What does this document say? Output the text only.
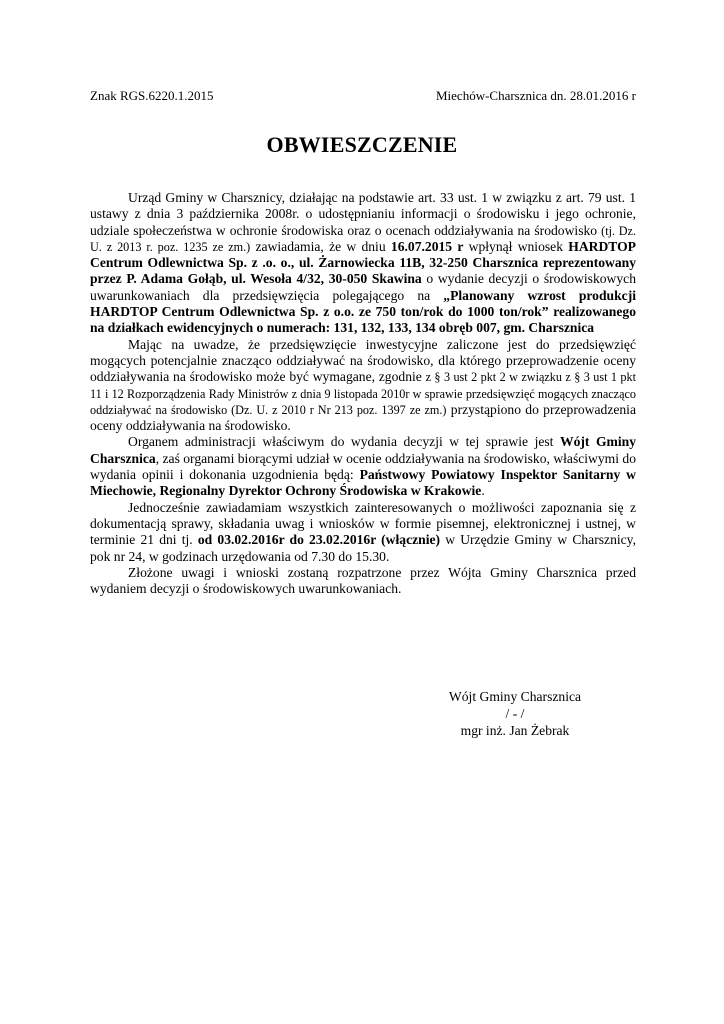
Znak RGS.6220.1.2015	Miechów-Charsznica dn. 28.01.2016 r
OBWIESZCZENIE

Urząd Gminy w Charsznicy, działając na podstawie art. 33 ust. 1 w związku z art. 79 ust. 1 ustawy z dnia 3 października 2008r. o udostępnianiu informacji o środowisku i jego ochronie, udziale społeczeństwa w ochronie środowiska oraz o ocenach oddziaływania na środowisko (tj. Dz. U. z 2013 r. poz. 1235 ze zm.) zawiadamia, że w dniu 16.07.2015 r wpłynął wniosek HARDTOP Centrum Odlewnictwa Sp. z .o. o., ul. Żarnowiecka 11B, 32-250 Charsznica reprezentowany przez P. Adama Gołąb, ul. Wesoła 4/32, 30-050 Skawina o wydanie decyzji o środowiskowych uwarunkowaniach dla przedsięwzięcia polegającego na „Planowany wzrost produkcji HARDTOP Centrum Odlewnictwa Sp. z o.o. ze 750 ton/rok do 1000 ton/rok” realizowanego na działkach ewidencyjnych o numerach: 131, 132, 133, 134 obręb 007, gm. Charsznica

Mając na uwadze, że przedsięwzięcie inwestycyjne zaliczone jest do przedsięwzięć mogących potencjalnie znacząco oddziaływać na środowisko, dla którego przeprowadzenie oceny oddziaływania na środowisko może być wymagane, zgodnie z § 3 ust 2 pkt 2 w związku z § 3 ust 1 pkt 11 i 12 Rozporządzenia Rady Ministrów z dnia 9 listopada 2010r w sprawie przedsięwzięć mogących znacząco oddziaływać na środowisko (Dz. U. z 2010 r Nr 213 poz. 1397 ze zm.) przystąpiono do przeprowadzenia oceny oddziaływania na środowisko.

Organem administracji właściwym do wydania decyzji w tej sprawie jest Wójt Gminy Charsznica, zaś organami biorącymi udział w ocenie oddziaływania na środowisko, właściwymi do wydania opinii i dokonania uzgodnienia będą: Państwowy Powiatowy Inspektor Sanitarny w Miechowie, Regionalny Dyrektor Ochrony Środowiska w Krakowie.

Jednocześnie zawiadamiam wszystkich zainteresowanych o możliwości zapoznania się z dokumentacją sprawy, składania uwag i wniosków w formie pisemnej, elektronicznej i ustnej, w terminie 21 dni tj. od 03.02.2016r do 23.02.2016r (włącznie) w Urzędzie Gminy w Charsznicy, pok nr 24, w godzinach urzędowania od 7.30 do 15.30.

Złożone uwagi i wnioski zostaną rozpatrzone przez Wójta Gminy Charsznica przed wydaniem decyzji o środowiskowych uwarunkowaniach.

Wójt Gminy Charsznica
/ - /
mgr inż. Jan Żebrak
